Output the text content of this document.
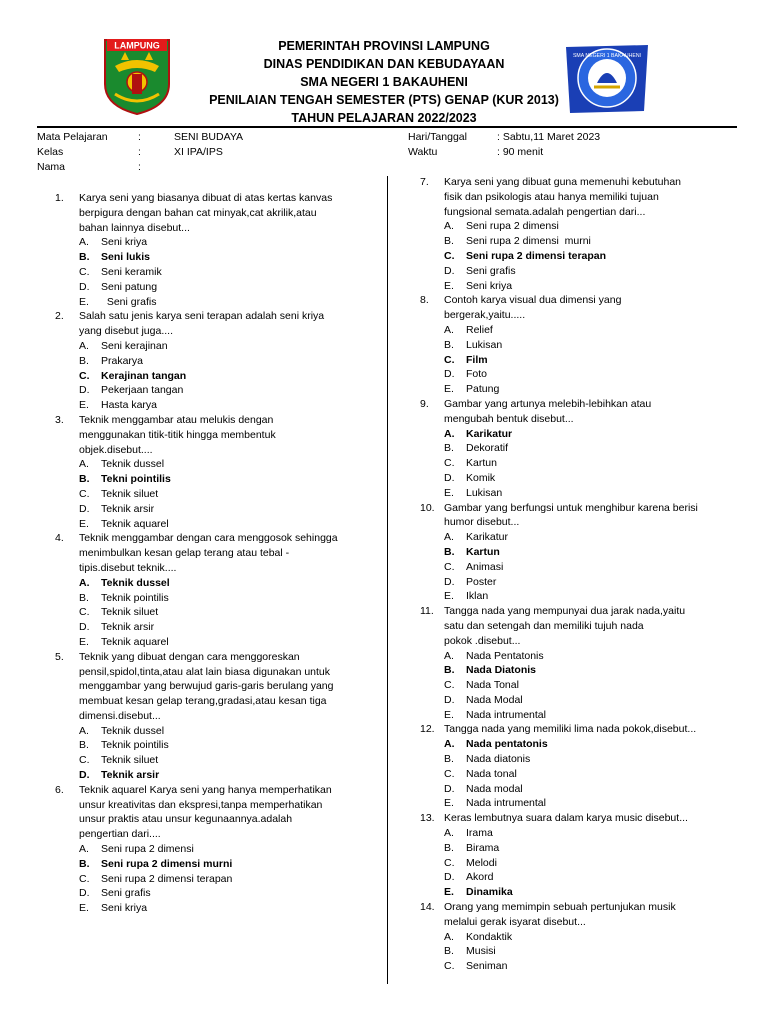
LAMPUNG
SMA NEGERI 1 BAKAUHENI
PEMERINTAH PROVINSI LAMPUNG
DINAS PENDIDIKAN DAN KEBUDAYAAN
SMA NEGERI 1 BAKAUHENI
PENILAIAN TENGAH SEMESTER (PTS) GENAP (KUR 2013)
TAHUN PELAJARAN 2022/2023
Mata Pelajaran	:	SENI BUDAYA
Kelas	:	XI IPA/IPS
Nama	:
Hari/Tanggal	: Sabtu,11 Maret 2023
Waktu	: 90 menit
1.	Karya seni yang biasanya dibuat di atas kertas kanvas
berpigura dengan bahan cat minyak,cat akrilik,atau
bahan lainnya disebut...
A.	Seni kriya
B.	Seni lukis
C.	Seni keramik
D.	Seni patung
E.	Seni grafis
2.	Salah satu jenis karya seni terapan adalah seni kriya
yang disebut juga....
A.	Seni kerajinan
B.	Prakarya
C.	Kerajinan tangan
D.	Pekerjaan tangan
E.	Hasta karya
3.	Teknik menggambar atau melukis dengan
menggunakan titik-titik hingga membentuk
objek.disebut....
A.	Teknik dussel
B.	Tekni pointilis
C.	Teknik siluet
D.	Teknik arsir
E.	Teknik aquarel
4.	Teknik menggambar dengan cara menggosok sehingga
menimbulkan kesan gelap terang atau tebal -
tipis.disebut teknik....
A.	Teknik dussel
B.	Teknik pointilis
C.	Teknik siluet
D.	Teknik arsir
E.	Teknik aquarel
5.	Teknik yang dibuat dengan cara menggoreskan
pensil,spidol,tinta,atau alat lain biasa digunakan untuk
menggambar yang berwujud garis-garis berulang yang
membuat kesan gelap terang,gradasi,atau kesan tiga
dimensi.disebut...
A.	Teknik dussel
B.	Teknik pointilis
C.	Teknik siluet
D.	Teknik arsir
6.	Teknik aquarel Karya seni yang hanya memperhatikan
unsur kreativitas dan ekspresi,tanpa memperhatikan
unsur praktis atau unsur kegunaannya.adalah
pengertian dari....
A.	Seni rupa 2 dimensi
B.	Seni rupa 2 dimensi murni
C.	Seni rupa 2 dimensi terapan
D.	Seni grafis
E.	Seni kriya
7.	Karya seni yang dibuat guna memenuhi kebutuhan
fisik dan psikologis atau hanya memiliki tujuan
fungsional semata.adalah pengertian dari...
A.	Seni rupa 2 dimensi
B.	Seni rupa 2 dimensi  murni
C.	Seni rupa 2 dimensi terapan
D.	Seni grafis
E.	Seni kriya
8.	Contoh karya visual dua dimensi yang
bergerak,yaitu.....
A.	Relief
B.	Lukisan
C.	Film
D.	Foto
E.	Patung
9.	Gambar yang artunya melebih-lebihkan atau
mengubah bentuk disebut...
A.	Karikatur
B.	Dekoratif
C.	Kartun
D.	Komik
E.	Lukisan
10. Gambar yang berfungsi untuk menghibur karena berisi
humor disebut...
A.	Karikatur
B.	Kartun
C.	Animasi
D.	Poster
E.	Iklan
11. Tangga nada yang mempunyai dua jarak nada,yaitu
satu dan setengah dan memiliki tujuh nada
pokok .disebut...
A.	Nada Pentatonis
B.	Nada Diatonis
C.	Nada Tonal
D.	Nada Modal
E.	Nada intrumental
12. Tangga nada yang memiliki lima nada pokok,disebut...
A.	Nada pentatonis
B.	Nada diatonis
C.	Nada tonal
D.	Nada modal
E.	Nada intrumental
13. Keras lembutnya suara dalam karya music disebut...
A.	Irama
B.	Birama
C.	Melodi
D.	Akord
E.	Dinamika
14. Orang yang memimpin sebuah pertunjukan musik
melalui gerak isyarat disebut...
A.	Kondaktik
B.	Musisi
C.	Seniman
